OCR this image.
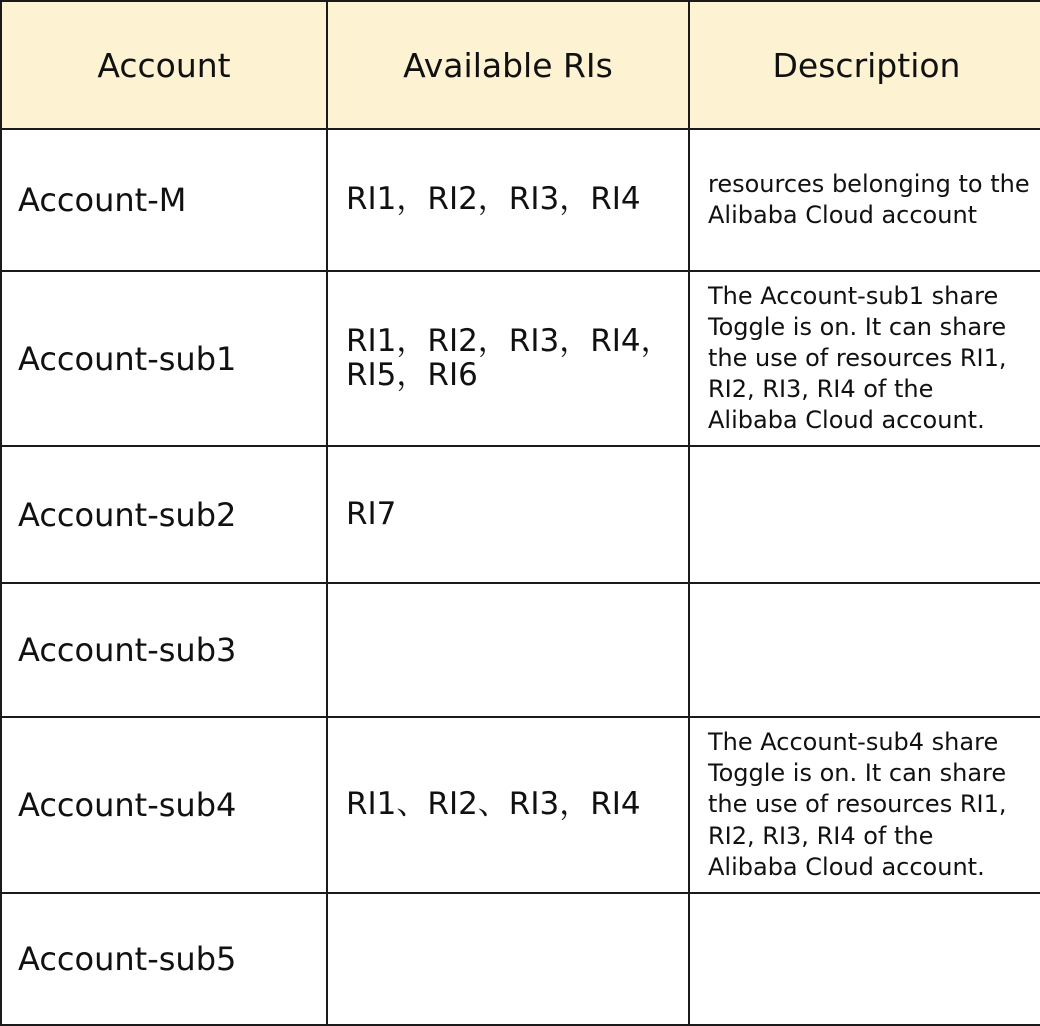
Account	Available RIs	Description
Account-M	RI1，RI2，RI3，RI4	resources belonging to the
Alibaba Cloud account
Account-sub1	RI1，RI2，RI3，RI4，
RI5，RI6	The Account-sub1 share
Toggle is on. It can share
the use of resources RI1,
RI2, RI3, RI4 of the
Alibaba Cloud account.
Account-sub2	RI7	
Account-sub3		
Account-sub4	RI1、RI2、RI3，RI4	The Account-sub4 share
Toggle is on. It can share
the use of resources RI1,
RI2, RI3, RI4 of the
Alibaba Cloud account.
Account-sub5		
